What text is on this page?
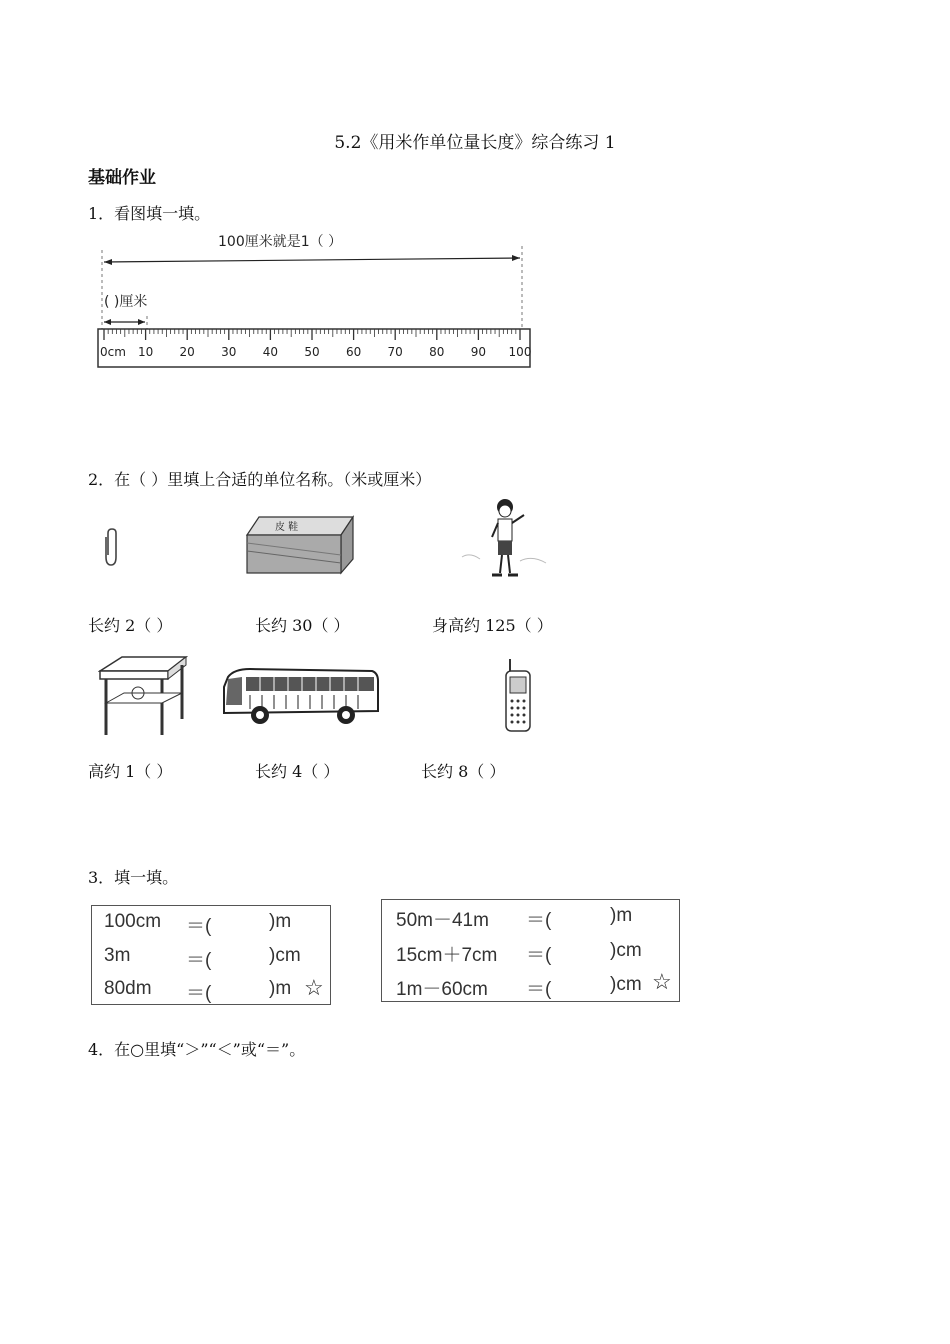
5.2《用米作单位量长度》综合练习 1
基础作业
1．看图填一填。
100厘米就是1（ ）
( )厘米
0cm 10 20 30 40 50 60 70 80 90 100
2．在（ ）里填上合适的单位名称。（米或厘米）
皮 鞋
长约 2（ ）	长约 30（ ）	身高约 125（ ）
高约 1（ ）	长约 4（ ）	长约 8（ ）
3．填一填。
100cm ＝(	)m
3m	＝(	)cm
80dm ＝(	)m ☆
50m－41m ＝(	)m
15cm＋7cm ＝(	)cm
1m－60cm ＝(	)cm ☆
4．在○里填“＞”“＜”或“＝”。
